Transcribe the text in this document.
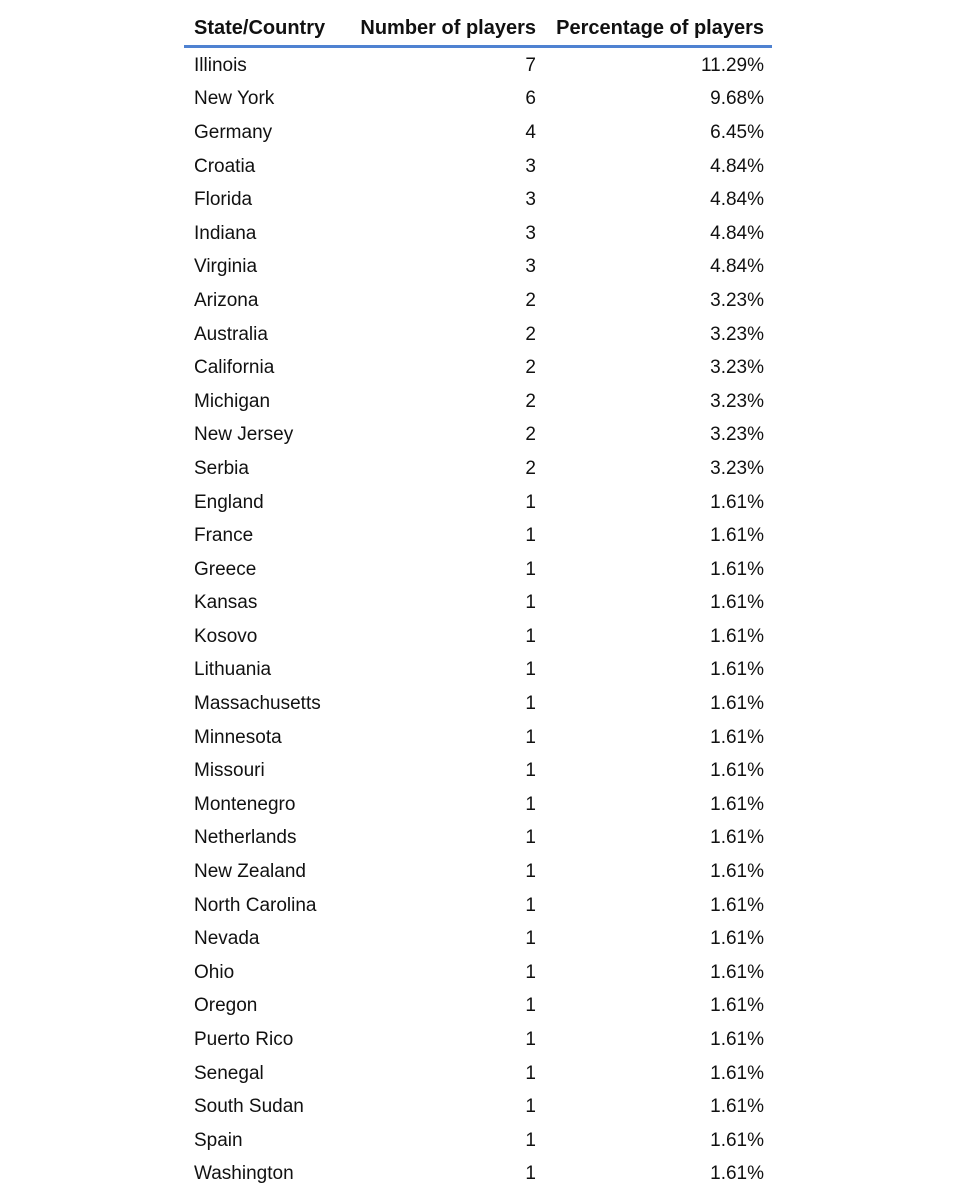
State/Country	Number of players	Percentage of players
Illinois	7	11.29%
New York	6	9.68%
Germany	4	6.45%
Croatia	3	4.84%
Florida	3	4.84%
Indiana	3	4.84%
Virginia	3	4.84%
Arizona	2	3.23%
Australia	2	3.23%
California	2	3.23%
Michigan	2	3.23%
New Jersey	2	3.23%
Serbia	2	3.23%
England	1	1.61%
France	1	1.61%
Greece	1	1.61%
Kansas	1	1.61%
Kosovo	1	1.61%
Lithuania	1	1.61%
Massachusetts	1	1.61%
Minnesota	1	1.61%
Missouri	1	1.61%
Montenegro	1	1.61%
Netherlands	1	1.61%
New Zealand	1	1.61%
North Carolina	1	1.61%
Nevada	1	1.61%
Ohio	1	1.61%
Oregon	1	1.61%
Puerto Rico	1	1.61%
Senegal	1	1.61%
South Sudan	1	1.61%
Spain	1	1.61%
Washington	1	1.61%
